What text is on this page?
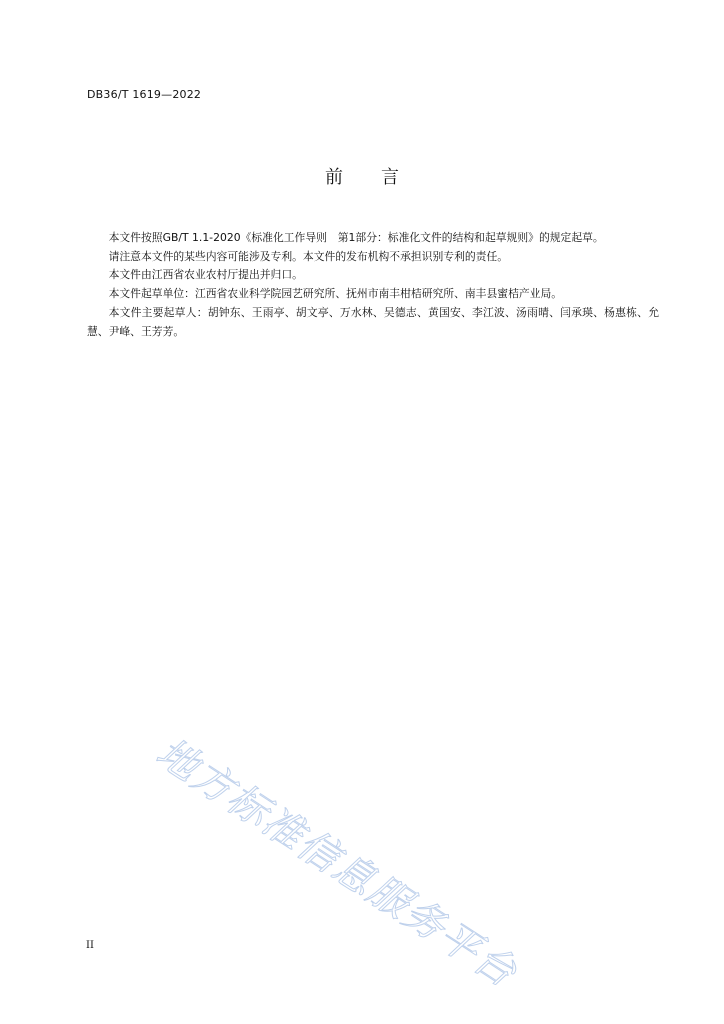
DB36/T 1619—2022
前言

本文件按照GB/T 1.1-2020《标准化工作导则　第1部分：标准化文件的结构和起草规则》的规定起草。

请注意本文件的某些内容可能涉及专利。本文件的发布机构不承担识别专利的责任。

本文件由江西省农业农村厅提出并归口。

本文件起草单位：江西省农业科学院园艺研究所、抚州市南丰柑桔研究所、南丰县蜜桔产业局。

本文件主要起草人：胡钟东、王雨亭、胡文亭、万水林、吴德志、黄国安、李江波、汤雨晴、闫承瑛、杨惠栋、允慧、尹峰、王芳芳。

地方标准信息服务平台
II
